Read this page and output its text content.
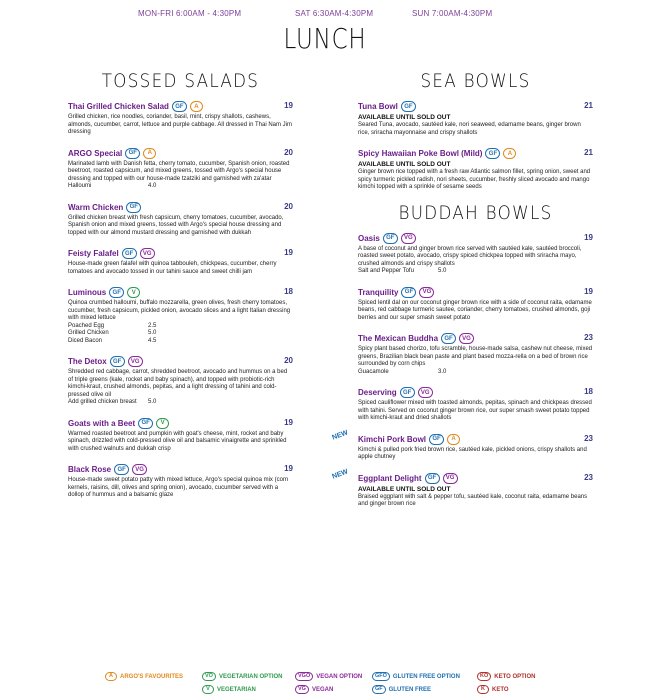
MON-FRI 6:00AM - 4:30PM	SAT 6:30AM-4:30PM	SUN 7:00AM-4:30PM
LUNCH
TOSSED SALADS
Thai Grilled Chicken Salad	GF	A	19
Grilled chicken, rice noodles, coriander, basil, mint, crispy shallots, cashews, almonds, cucumber, carrot, lettuce and purple cabbage. All dressed in Thai Nam Jim dressing
ARGO Special	GF	A	20
Marinated lamb with Danish fetta, cherry tomato, cucumber, Spanish onion, roasted beetroot, roasted capsicum, and mixed greens, tossed with Argo's special house dressing and topped with our house-made tzatziki and garnished with za'atar
Halloumi	4.0
Warm Chicken	GF	20
Grilled chicken breast with fresh capsicum, cherry tomatoes, cucumber, avocado, Spanish onion and mixed greens, tossed with Argo's special house dressing and topped with our almond mustard dressing and garnished with dukkah
Feisty Falafel	GF	VG	19
House-made green falafel with quinoa tabbouleh, chickpeas, cucumber, cherry tomatoes and avocado tossed in our tahini sauce and sweet chilli jam
Luminous	GF	V	18
Quinoa crumbed halloumi, buffalo mozzarella, green olives, fresh cherry tomatoes, cucumber, fresh capsicum, pickled onion, avocado slices and a light Italian dressing with mixed lettuce
Poached Egg	2.5
Grilled Chicken	5.0
Diced Bacon	4.5
The Detox	GF	VG	20
Shredded red cabbage, carrot, shredded beetroot, avocado and hummus on a bed of triple greens (kale, rocket and baby spinach), and topped with probiotic-rich kimchi-kraut, crushed almonds, pepitas, and a light dressing of tahini and cold-pressed olive oil
Add grilled chicken breast	5.0
Goats with a Beet	GF	V	19
Warmed roasted beetroot and pumpkin with goat's cheese, mint, rocket and baby spinach, drizzled with cold-pressed olive oil and balsamic vinaigrette and sprinkled with crushed walnuts and dukkah crisp
Black Rose	GF	VG	19
House-made sweet potato patty with mixed lettuce, Argo's special quinoa mix (corn kernels, raisins, dill, olives and spring onion), avocado, cucumber served with a dollop of hummus and a balsamic glaze
SEA BOWLS
Tuna Bowl	GF	21
AVAILABLE UNTIL SOLD OUT
Seared Tuna, avocado, sautéed kale, nori seaweed, edamame beans, ginger brown rice, sriracha mayonnaise and crispy shallots
Spicy Hawaiian Poke Bowl (Mild)	GF	A	21
AVAILABLE UNTIL SOLD OUT
Ginger brown rice topped with a fresh raw Atlantic salmon fillet, spring onion, sweet and spicy turmeric pickled radish, nori sheets, cucumber, freshly sliced avocado and mango kimchi topped with a sprinkle of sesame seeds
BUDDAH BOWLS
Oasis	GF	VG	19
A base of coconut and ginger brown rice served with sautéed kale, sautéed broccoli, roasted sweet potato, avocado, crispy spiced chickpea topped with sriracha mayo, crushed almonds and crispy shallots
Salt and Pepper Tofu	5.0
Tranquility	GF	VG	19
Spiced lentil dal on our coconut ginger brown rice with a side of coconut raita, edamame beans, red cabbage turmeric sautee, coriander, cherry tomatoes, crushed almonds, goji berries and our super smash sweet potato
The Mexican Buddha	GF	VG	23
Spicy plant based chorizo, tofu scramble, house-made salsa, cashew nut cheese, mixed greens, Brazilian black bean paste and plant based mozza-rella on a bed of brown rice surrounded by corn chips
Guacamole	3.0
Deserving	GF	VG	18
Spiced cauliflower mixed with toasted almonds, pepitas, spinach and chickpeas dressed with tahini. Served on coconut ginger brown rice, our super smash sweet potato topped with kimchi-kraut and dried shallots
NEW Kimchi Pork Bowl	GF	A	23
Kimchi & pulled pork fried brown rice, sautéed kale, pickled onions, crispy shallots and apple chutney
NEW Eggplant Delight	GF	VG	23
AVAILABLE UNTIL SOLD OUT
Braised eggplant with salt & pepper tofu, sautéed kale, coconut raita, edamame beans and ginger brown rice
A	ARGO'S FAVOURITES	VO	VEGETARIAN OPTION	VGO	VEGAN OPTION	GFO	GLUTEN FREE OPTION	KO	KETO OPTION
V	VEGETARIAN	VG	VEGAN	GF	GLUTEN FREE	K	KETO
